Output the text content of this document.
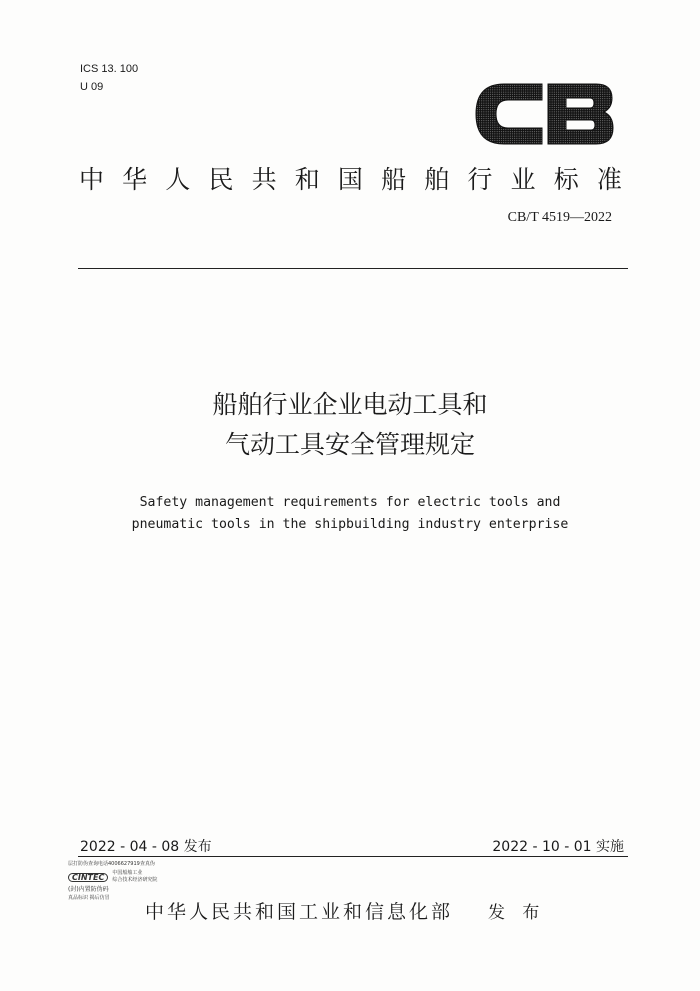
ICS 13. 100
U 09
中 华 人 民 共 和 国 船 舶 行 业 标 准
CB/T 4519—2022
船舶行业企业电动工具和
气动工具安全管理规定
Safety management requirements for electric tools and
pneumatic tools in the shipbuilding industry enterprise
2022 - 04 - 08 发布	2022 - 10 - 01 实施
层打防伪查询电话4006627919查真伪
CINTEC	中国船舶工业
综合技术经济研究院
(封)内置防伪码
真品标识 揭后仿冒
中华人民共和国工业和信息化部 发 布
